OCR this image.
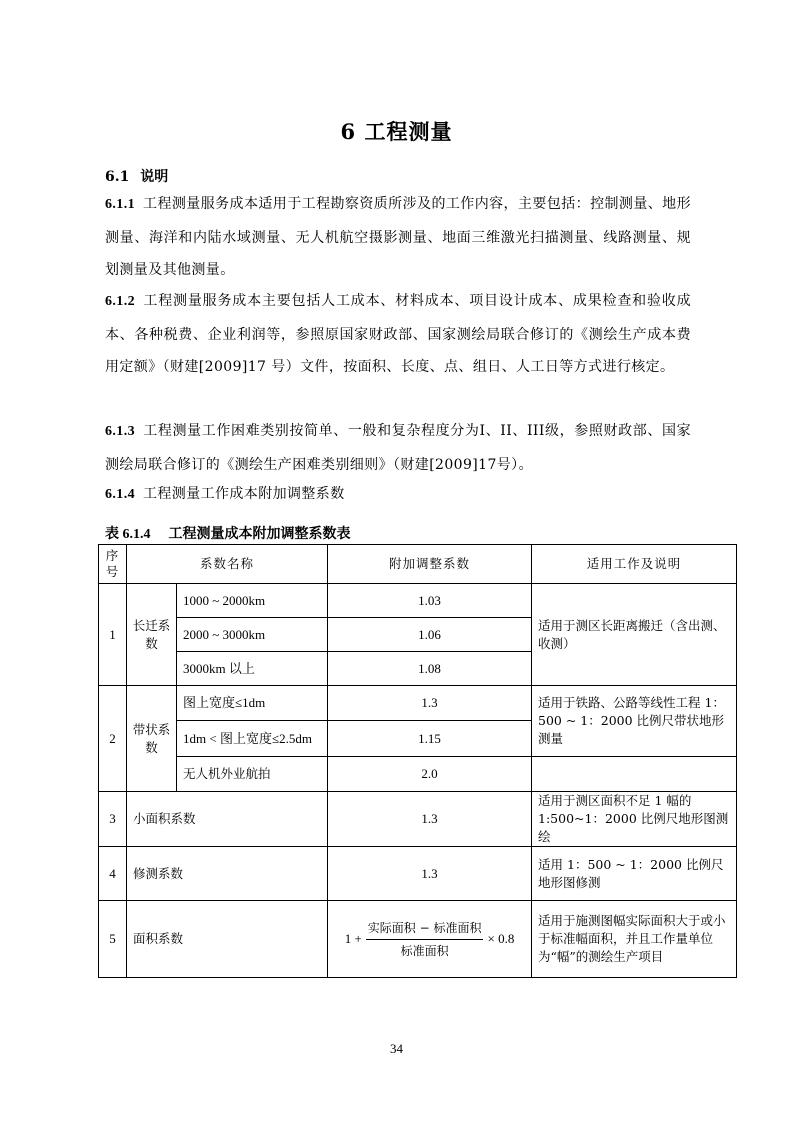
6 工程测量
6.1 说明
6.1.1 工程测量服务成本适用于工程勘察资质所涉及的工作内容，主要包括：控制测量、地形测量、海洋和内陆水域测量、无人机航空摄影测量、地面三维激光扫描测量、线路测量、规划测量及其他测量。
6.1.2 工程测量服务成本主要包括人工成本、材料成本、项目设计成本、成果检查和验收成本、各种税费、企业利润等，参照原国家财政部、国家测绘局联合修订的《测绘生产成本费用定额》（财建[2009]17 号）文件，按面积、长度、点、组日、人工日等方式进行核定。
6.1.3 工程测量工作困难类别按简单、一般和复杂程度分为I、II、III级，参照财政部、国家测绘局联合修订的《测绘生产困难类别细则》（财建[2009]17号）。
6.1.4 工程测量工作成本附加调整系数
表 6.1.4 工程测量成本附加调整系数表
序号	系数名称		附加调整系数	适用工作及说明
1	长迁系数	1000 ~ 2000km	1.03	适用于测区长距离搬迁（含出测、收测）
		2000 ~ 3000km	1.06	
		3000km 以上	1.08	
2	带状系数	图上宽度≤1dm	1.3	适用于铁路、公路等线性工程 1：500 ~ 1：2000 比例尺带状地形测量
		1dm < 图上宽度≤2.5dm	1.15	
		无人机外业航拍	2.0	
3	小面积系数		1.3	适用于测区面积不足 1 幅的 1:500~1：2000 比例尺地形图测绘
4	修测系数		1.3	适用 1：500 ~ 1：2000 比例尺地形图修测
5	面积系数		$1 + \frac{\text{实际面积 − 标准面积}}{\text{标准面积}} \times 0.8$	适用于施测图幅实际面积大于或小于标准幅面积，并且工作量单位为“幅”的测绘生产项目
34
